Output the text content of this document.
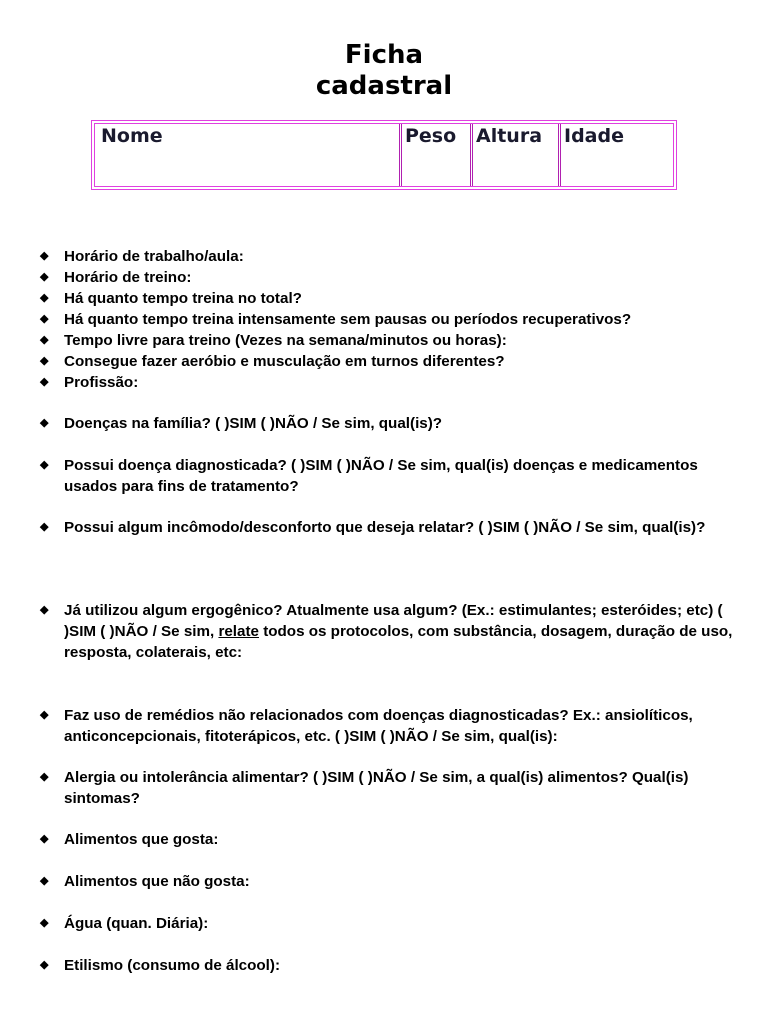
Ficha
cadastral
Nome	Peso	Altura	Idade
◆ Horário de trabalho/aula:
◆ Horário de treino:
◆ Há quanto tempo treina no total?
◆ Há quanto tempo treina intensamente sem pausas ou períodos recuperativos?
◆ Tempo livre para treino (Vezes na semana/minutos ou horas):
◆ Consegue fazer aeróbio e musculação em turnos diferentes?
◆ Profissão:
◆ Doenças na família? ( )SIM ( )NÃO / Se sim, qual(is)?
◆ Possui doença diagnosticada? ( )SIM ( )NÃO / Se sim, qual(is) doenças e medicamentos usados para fins de tratamento?
◆ Possui algum incômodo/desconforto que deseja relatar? ( )SIM ( )NÃO / Se sim, qual(is)?
◆ Já utilizou algum ergogênico? Atualmente usa algum? (Ex.: estimulantes; esteróides; etc) ( )SIM ( )NÃO / Se sim, relate todos os protocolos, com substância, dosagem, duração de uso, resposta, colaterais, etc:
◆ Faz uso de remédios não relacionados com doenças diagnosticadas? Ex.: ansiolíticos, anticoncepcionais, fitoterápicos, etc. ( )SIM ( )NÃO / Se sim, qual(is):
◆ Alergia ou intolerância alimentar? ( )SIM ( )NÃO / Se sim, a qual(is) alimentos? Qual(is) sintomas?
◆ Alimentos que gosta:
◆ Alimentos que não gosta:
◆ Água (quan. Diária):
◆ Etilismo (consumo de álcool):
